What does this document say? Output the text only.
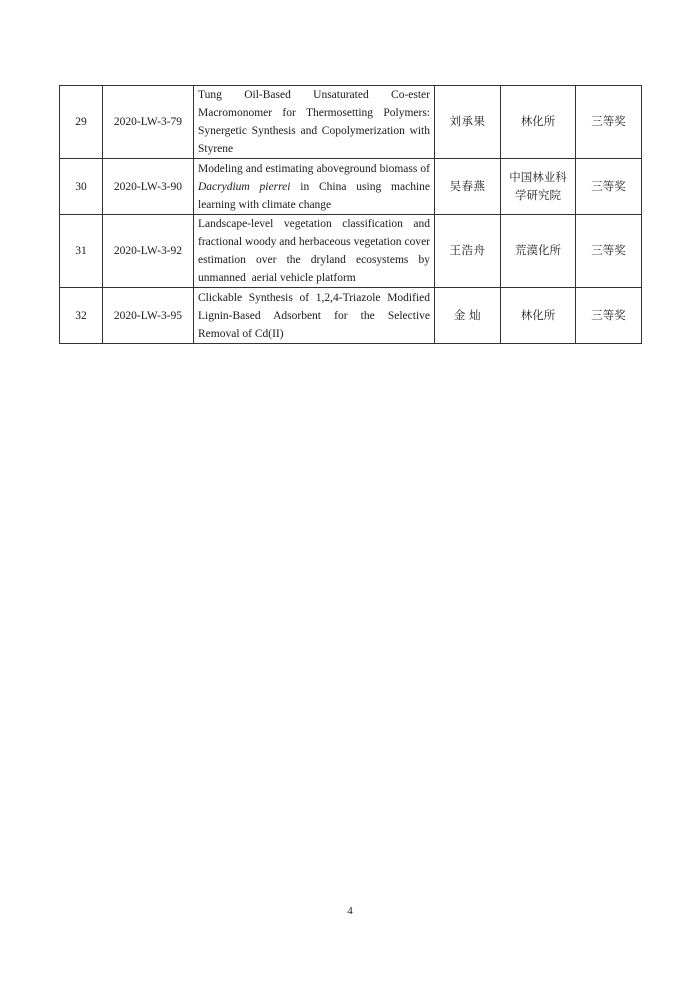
29	2020-LW-3-79	Tung Oil-Based Unsaturated Co-ester Macromonomer for Thermosetting Polymers: Synergetic Synthesis and Copolymerization with Styrene	刘承果	林化所	三等奖
30	2020-LW-3-90	Modeling and estimating aboveground biomass of Dacrydium pierrei in China using machine learning with climate change	吴春燕	中国林业科学研究院	三等奖
31	2020-LW-3-92	Landscape-level vegetation classification and fractional woody and herbaceous vegetation cover estimation over the dryland ecosystems by unmanned  aerial vehicle platform	王浩舟	荒漠化所	三等奖
32	2020-LW-3-95	Clickable Synthesis of 1,2,4-Triazole Modified Lignin-Based Adsorbent for the Selective Removal of Cd(II)	金 灿	林化所	三等奖
4
